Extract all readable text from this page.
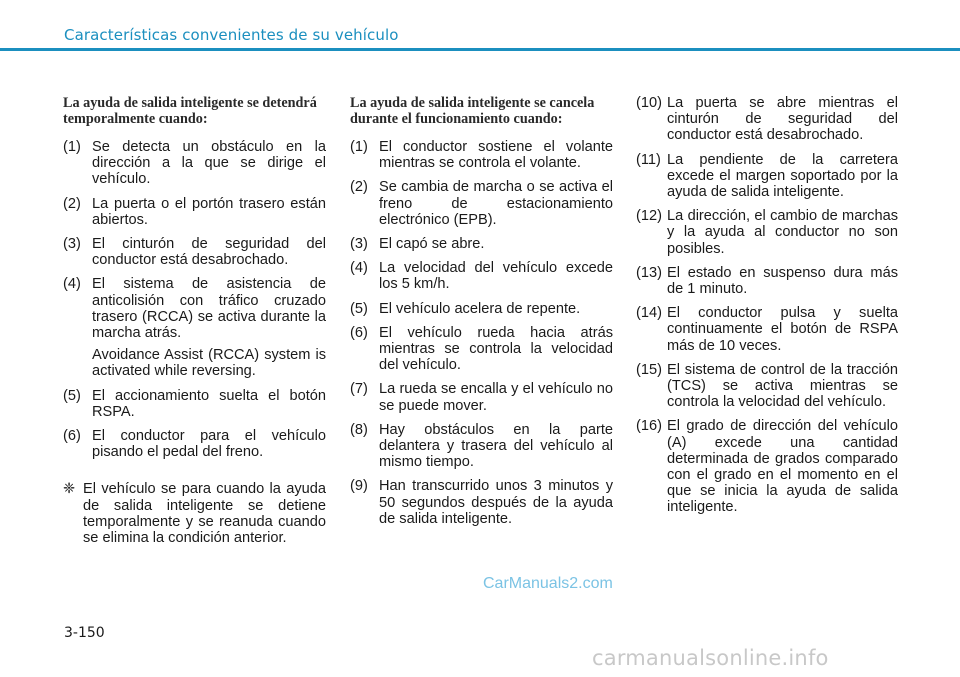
Características convenientes de su vehículo
La ayuda de salida inteligente se detendrá temporalmente cuando:
(1) Se detecta un obstáculo en la dirección a la que se dirige el vehículo.
(2) La puerta o el portón trasero están abiertos.
(3) El cinturón de seguridad del conductor está desabrochado.
(4) El sistema de asistencia de anticolisión con tráfico cruzado trasero (RCCA) se activa durante la marcha atrás.
Avoidance Assist (RCCA) system is activated while reversing.
(5) El accionamiento suelta el botón RSPA.
(6) El conductor para el vehículo pisando el pedal del freno.
❈ El vehículo se para cuando la ayuda de salida inteligente se detiene temporalmente y se reanuda cuando se elimina la condición anterior.
La ayuda de salida inteligente se cancela durante el funcionamiento cuando:
(1) El conductor sostiene el volante mientras se controla el volante.
(2) Se cambia de marcha o se activa el freno de estacionamiento electrónico (EPB).
(3) El capó se abre.
(4) La velocidad del vehículo excede los 5 km/h.
(5) El vehículo acelera de repente.
(6) El vehículo rueda hacia atrás mientras se controla la velocidad del vehículo.
(7) La rueda se encalla y el vehículo no se puede mover.
(8) Hay obstáculos en la parte delantera y trasera del vehículo al mismo tiempo.
(9) Han transcurrido unos 3 minutos y 50 segundos después de la ayuda de salida inteligente.
(10) La puerta se abre mientras el cinturón de seguridad del conductor está desabrochado.
(11) La pendiente de la carretera excede el margen soportado por la ayuda de salida inteligente.
(12) La dirección, el cambio de marchas y la ayuda al conductor no son posibles.
(13) El estado en suspenso dura más de 1 minuto.
(14) El conductor pulsa y suelta continuamente el botón de RSPA más de 10 veces.
(15) El sistema de control de la tracción (TCS) se activa mientras se controla la velocidad del vehículo.
(16) El grado de dirección del vehículo (A) excede una cantidad determinada de grados comparado con el grado en el momento en el que se inicia la ayuda de salida inteligente.
CarManuals2.com
3-150
carmanualsonline.info
